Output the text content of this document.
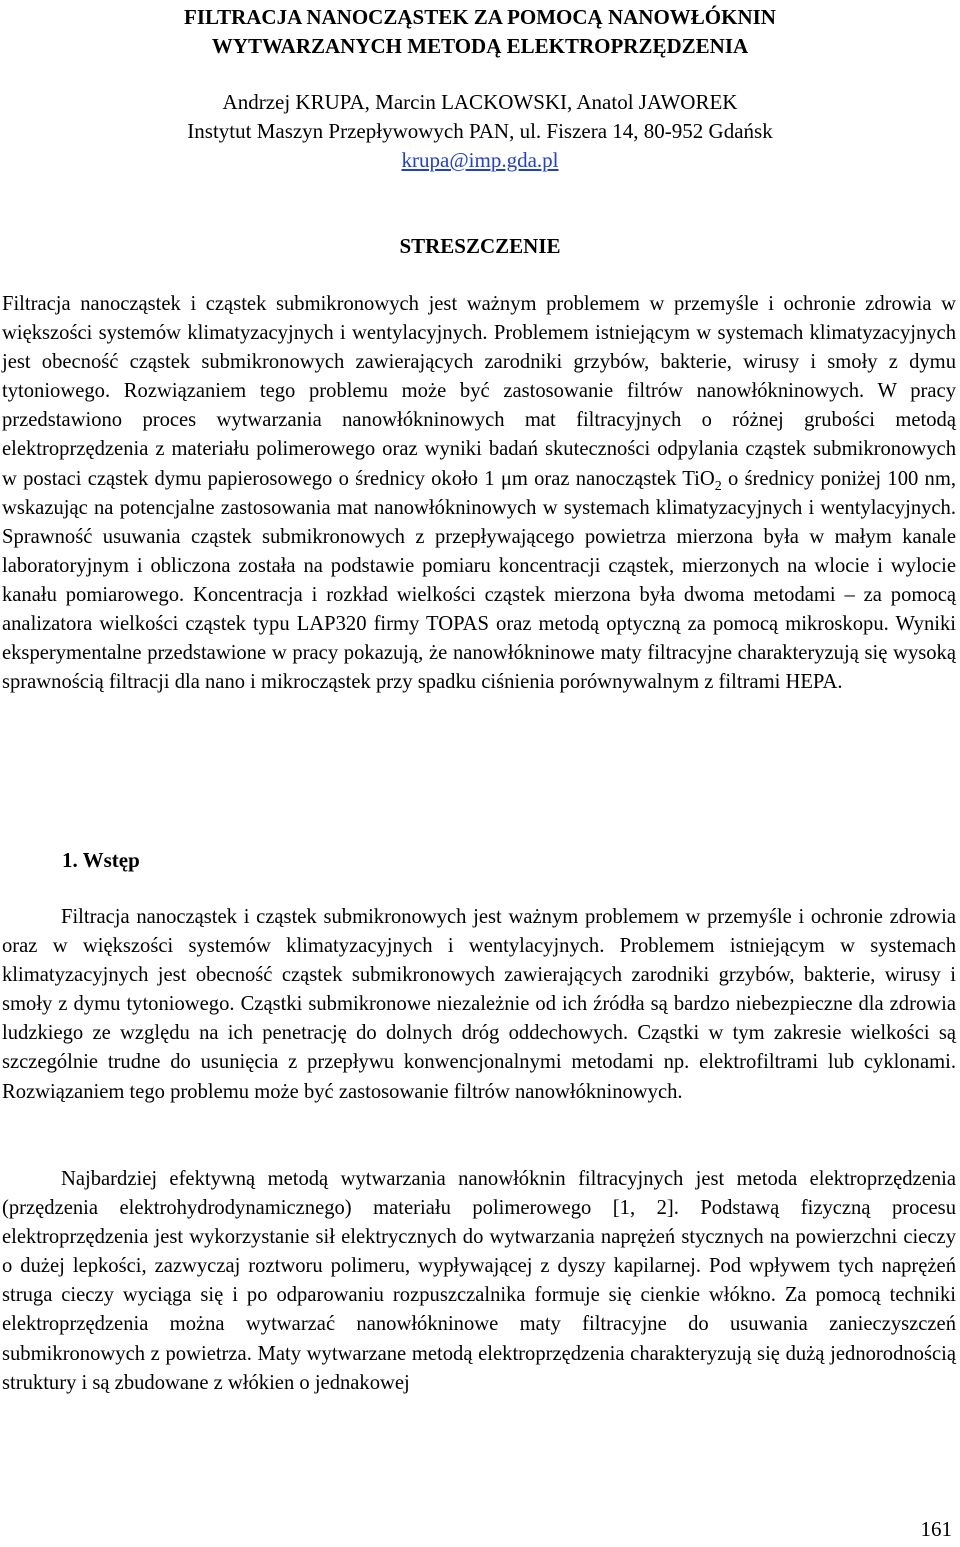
FILTRACJA NANOCZĄSTEK ZA POMOCĄ NANOWŁÓKNIN
WYTWARZANYCH METODĄ ELEKTROPRZĘDZENIA

Andrzej KRUPA, Marcin LACKOWSKI, Anatol JAWOREK

Instytut Maszyn Przepływowych PAN, ul. Fiszera 14, 80-952 Gdańsk

krupa@imp.gda.pl
STRESZCZENIE

Filtracja nanocząstek i cząstek submikronowych jest ważnym problemem w przemyśle i ochronie zdrowia w większości systemów klimatyzacyjnych i wentylacyjnych. Problemem istniejącym w systemach klimatyzacyjnych jest obecność cząstek submikronowych zawierających zarodniki grzybów, bakterie, wirusy i smoły z dymu tytoniowego. Rozwiązaniem tego problemu może być zastosowanie filtrów nanowłókninowych. W pracy przedstawiono proces wytwarzania nanowłókninowych mat filtracyjnych o różnej grubości metodą elektroprzędzenia z materiału polimerowego oraz wyniki badań skuteczności odpylania cząstek submikronowych w postaci cząstek dymu papierosowego o średnicy około 1 μm oraz nanocząstek TiO$_2$ o średnicy poniżej 100 nm, wskazując na potencjalne zastosowania mat nanowłókninowych w systemach klimatyzacyjnych i wentylacyjnych. Sprawność usuwania cząstek submikronowych z przepływającego powietrza mierzona była w małym kanale laboratoryjnym i obliczona została na podstawie pomiaru koncentracji cząstek, mierzonych na wlocie i wylocie kanału pomiarowego. Koncentracja i rozkład wielkości cząstek mierzona była dwoma metodami – za pomocą analizatora wielkości cząstek typu LAP320 firmy TOPAS oraz metodą optyczną za pomocą mikroskopu. Wyniki eksperymentalne przedstawione w pracy pokazują, że nanowłókninowe maty filtracyjne charakteryzują się wysoką sprawnością filtracji dla nano i mikrocząstek przy spadku ciśnienia porównywalnym z filtrami HEPA.

1. Wstęp

Filtracja nanocząstek i cząstek submikronowych jest ważnym problemem w przemyśle i ochronie zdrowia oraz w większości systemów klimatyzacyjnych i wentylacyjnych. Problemem istniejącym w systemach klimatyzacyjnych jest obecność cząstek submikronowych zawierających zarodniki grzybów, bakterie, wirusy i smoły z dymu tytoniowego. Cząstki submikronowe niezależnie od ich źródła są bardzo niebezpieczne dla zdrowia ludzkiego ze względu na ich penetrację do dolnych dróg oddechowych. Cząstki w tym zakresie wielkości są szczególnie trudne do usunięcia z przepływu konwencjonalnymi metodami np. elektrofiltrami lub cyklonami. Rozwiązaniem tego problemu może być zastosowanie filtrów nanowłókninowych.

Najbardziej efektywną metodą wytwarzania nanowłóknin filtracyjnych jest metoda elektroprzędzenia (przędzenia elektrohydrodynamicznego) materiału polimerowego [1, 2]. Podstawą fizyczną procesu elektroprzędzenia jest wykorzystanie sił elektrycznych do wytwarzania naprężeń stycznych na powierzchni cieczy o dużej lepkości, zazwyczaj roztworu polimeru, wypływającej z dyszy kapilarnej. Pod wpływem tych naprężeń struga cieczy wyciąga się i po odparowaniu rozpuszczalnika formuje się cienkie włókno. Za pomocą techniki elektroprzędzenia można wytwarzać nanowłókninowe maty filtracyjne do usuwania zanieczyszczeń submikronowych z powietrza. Maty wytwarzane metodą elektroprzędzenia charakteryzują się dużą jednorodnością struktury i są zbudowane z włókien o jednakowej

161
